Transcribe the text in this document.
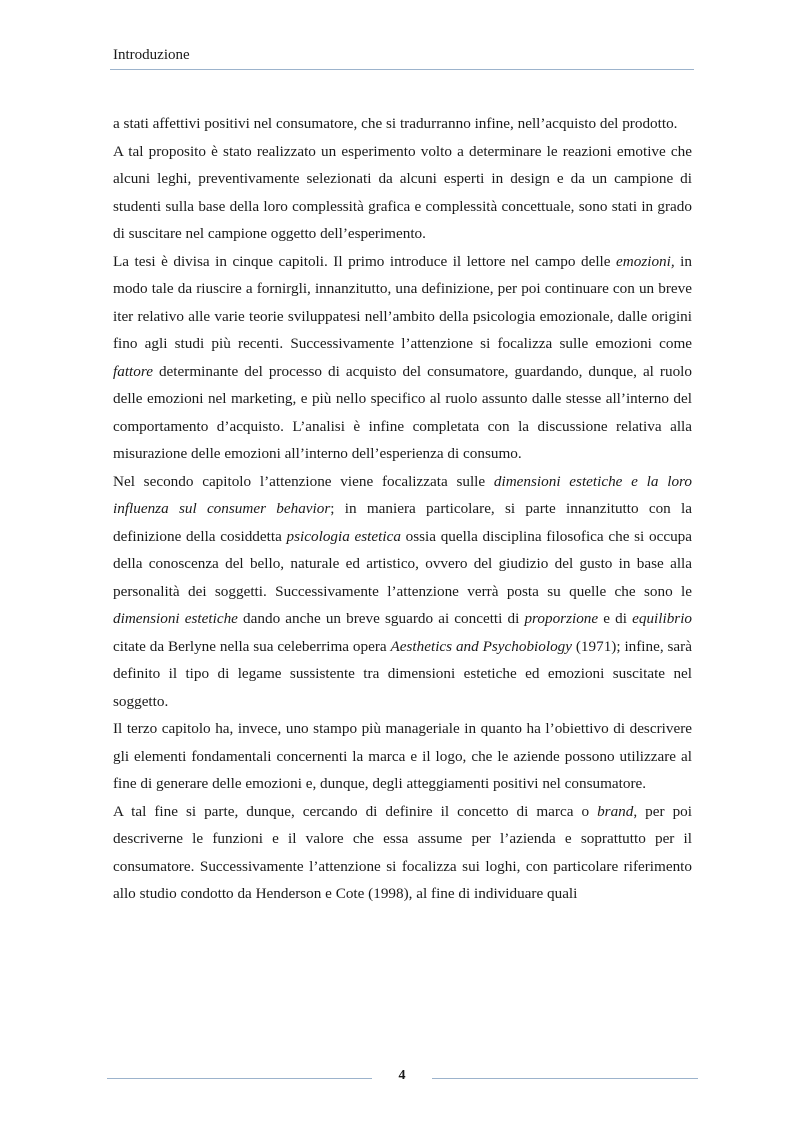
Introduzione

a stati affettivi positivi nel consumatore, che si tradurranno infine, nell’acquisto del prodotto.

A tal proposito è stato realizzato un esperimento volto a determinare le reazioni emotive che alcuni leghi, preventivamente selezionati da alcuni esperti in design e da un campione di studenti sulla base della loro complessità grafica e complessità concettuale, sono stati in grado di suscitare nel campione oggetto dell’esperimento.

La tesi è divisa in cinque capitoli. Il primo introduce il lettore nel campo delle emozioni, in modo tale da riuscire a fornirgli, innanzitutto, una definizione, per poi continuare con un breve iter relativo alle varie teorie sviluppatesi nell’ambito della psicologia emozionale, dalle origini fino agli studi più recenti. Successivamente l’attenzione si focalizza sulle emozioni come fattore determinante del processo di acquisto del consumatore, guardando, dunque, al ruolo delle emozioni nel marketing, e più nello specifico al ruolo assunto dalle stesse all’interno del comportamento d’acquisto. L’analisi è infine completata con la discussione relativa alla misurazione delle emozioni all’interno dell’esperienza di consumo.

Nel secondo capitolo l’attenzione viene focalizzata sulle dimensioni estetiche e la loro influenza sul consumer behavior; in maniera particolare, si parte innanzitutto con la definizione della cosiddetta psicologia estetica ossia quella disciplina filosofica che si occupa della conoscenza del bello, naturale ed artistico, ovvero del giudizio del gusto in base alla personalità dei soggetti. Successivamente l’attenzione verrà posta su quelle che sono le dimensioni estetiche dando anche un breve sguardo ai concetti di proporzione e di equilibrio citate da Berlyne nella sua celeberrima opera Aesthetics and Psychobiology (1971); infine, sarà definito il tipo di legame sussistente tra dimensioni estetiche ed emozioni suscitate nel soggetto.

Il terzo capitolo ha, invece, uno stampo più manageriale in quanto ha l’obiettivo di descrivere gli elementi fondamentali concernenti la marca e il logo, che le aziende possono utilizzare al fine di generare delle emozioni e, dunque, degli atteggiamenti positivi nel consumatore.

A tal fine si parte, dunque, cercando di definire il concetto di marca o brand, per poi descriverne le funzioni e il valore che essa assume per l’azienda e soprattutto per il consumatore. Successivamente l’attenzione si focalizza sui loghi, con particolare riferimento allo studio condotto da Henderson e Cote (1998), al fine di individuare quali

4
